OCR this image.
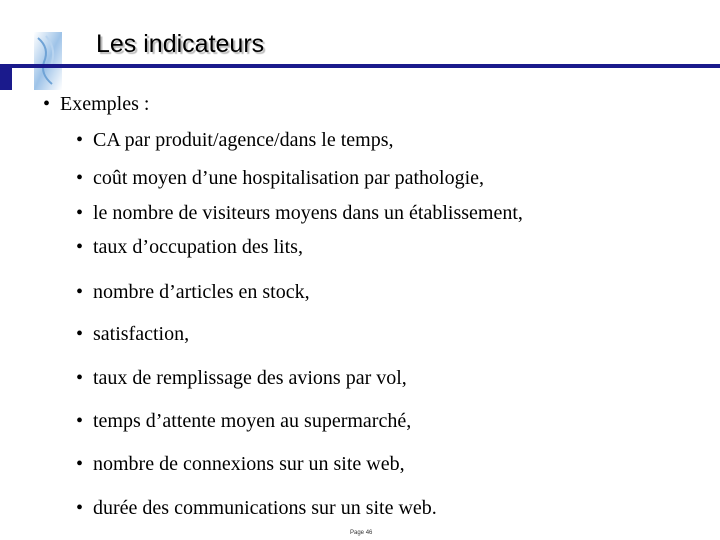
Les indicateurs
• Exemples :
• CA par produit/agence/dans le temps,
• coût moyen d’une hospitalisation par pathologie,
• le nombre de visiteurs moyens dans un établissement,
• taux d’occupation des lits,
• nombre d’articles en stock,
• satisfaction,
• taux de remplissage des avions par vol,
• temps d’attente moyen au supermarché,
• nombre de connexions sur un site web,
• durée des communications sur un site web.
Page 46
